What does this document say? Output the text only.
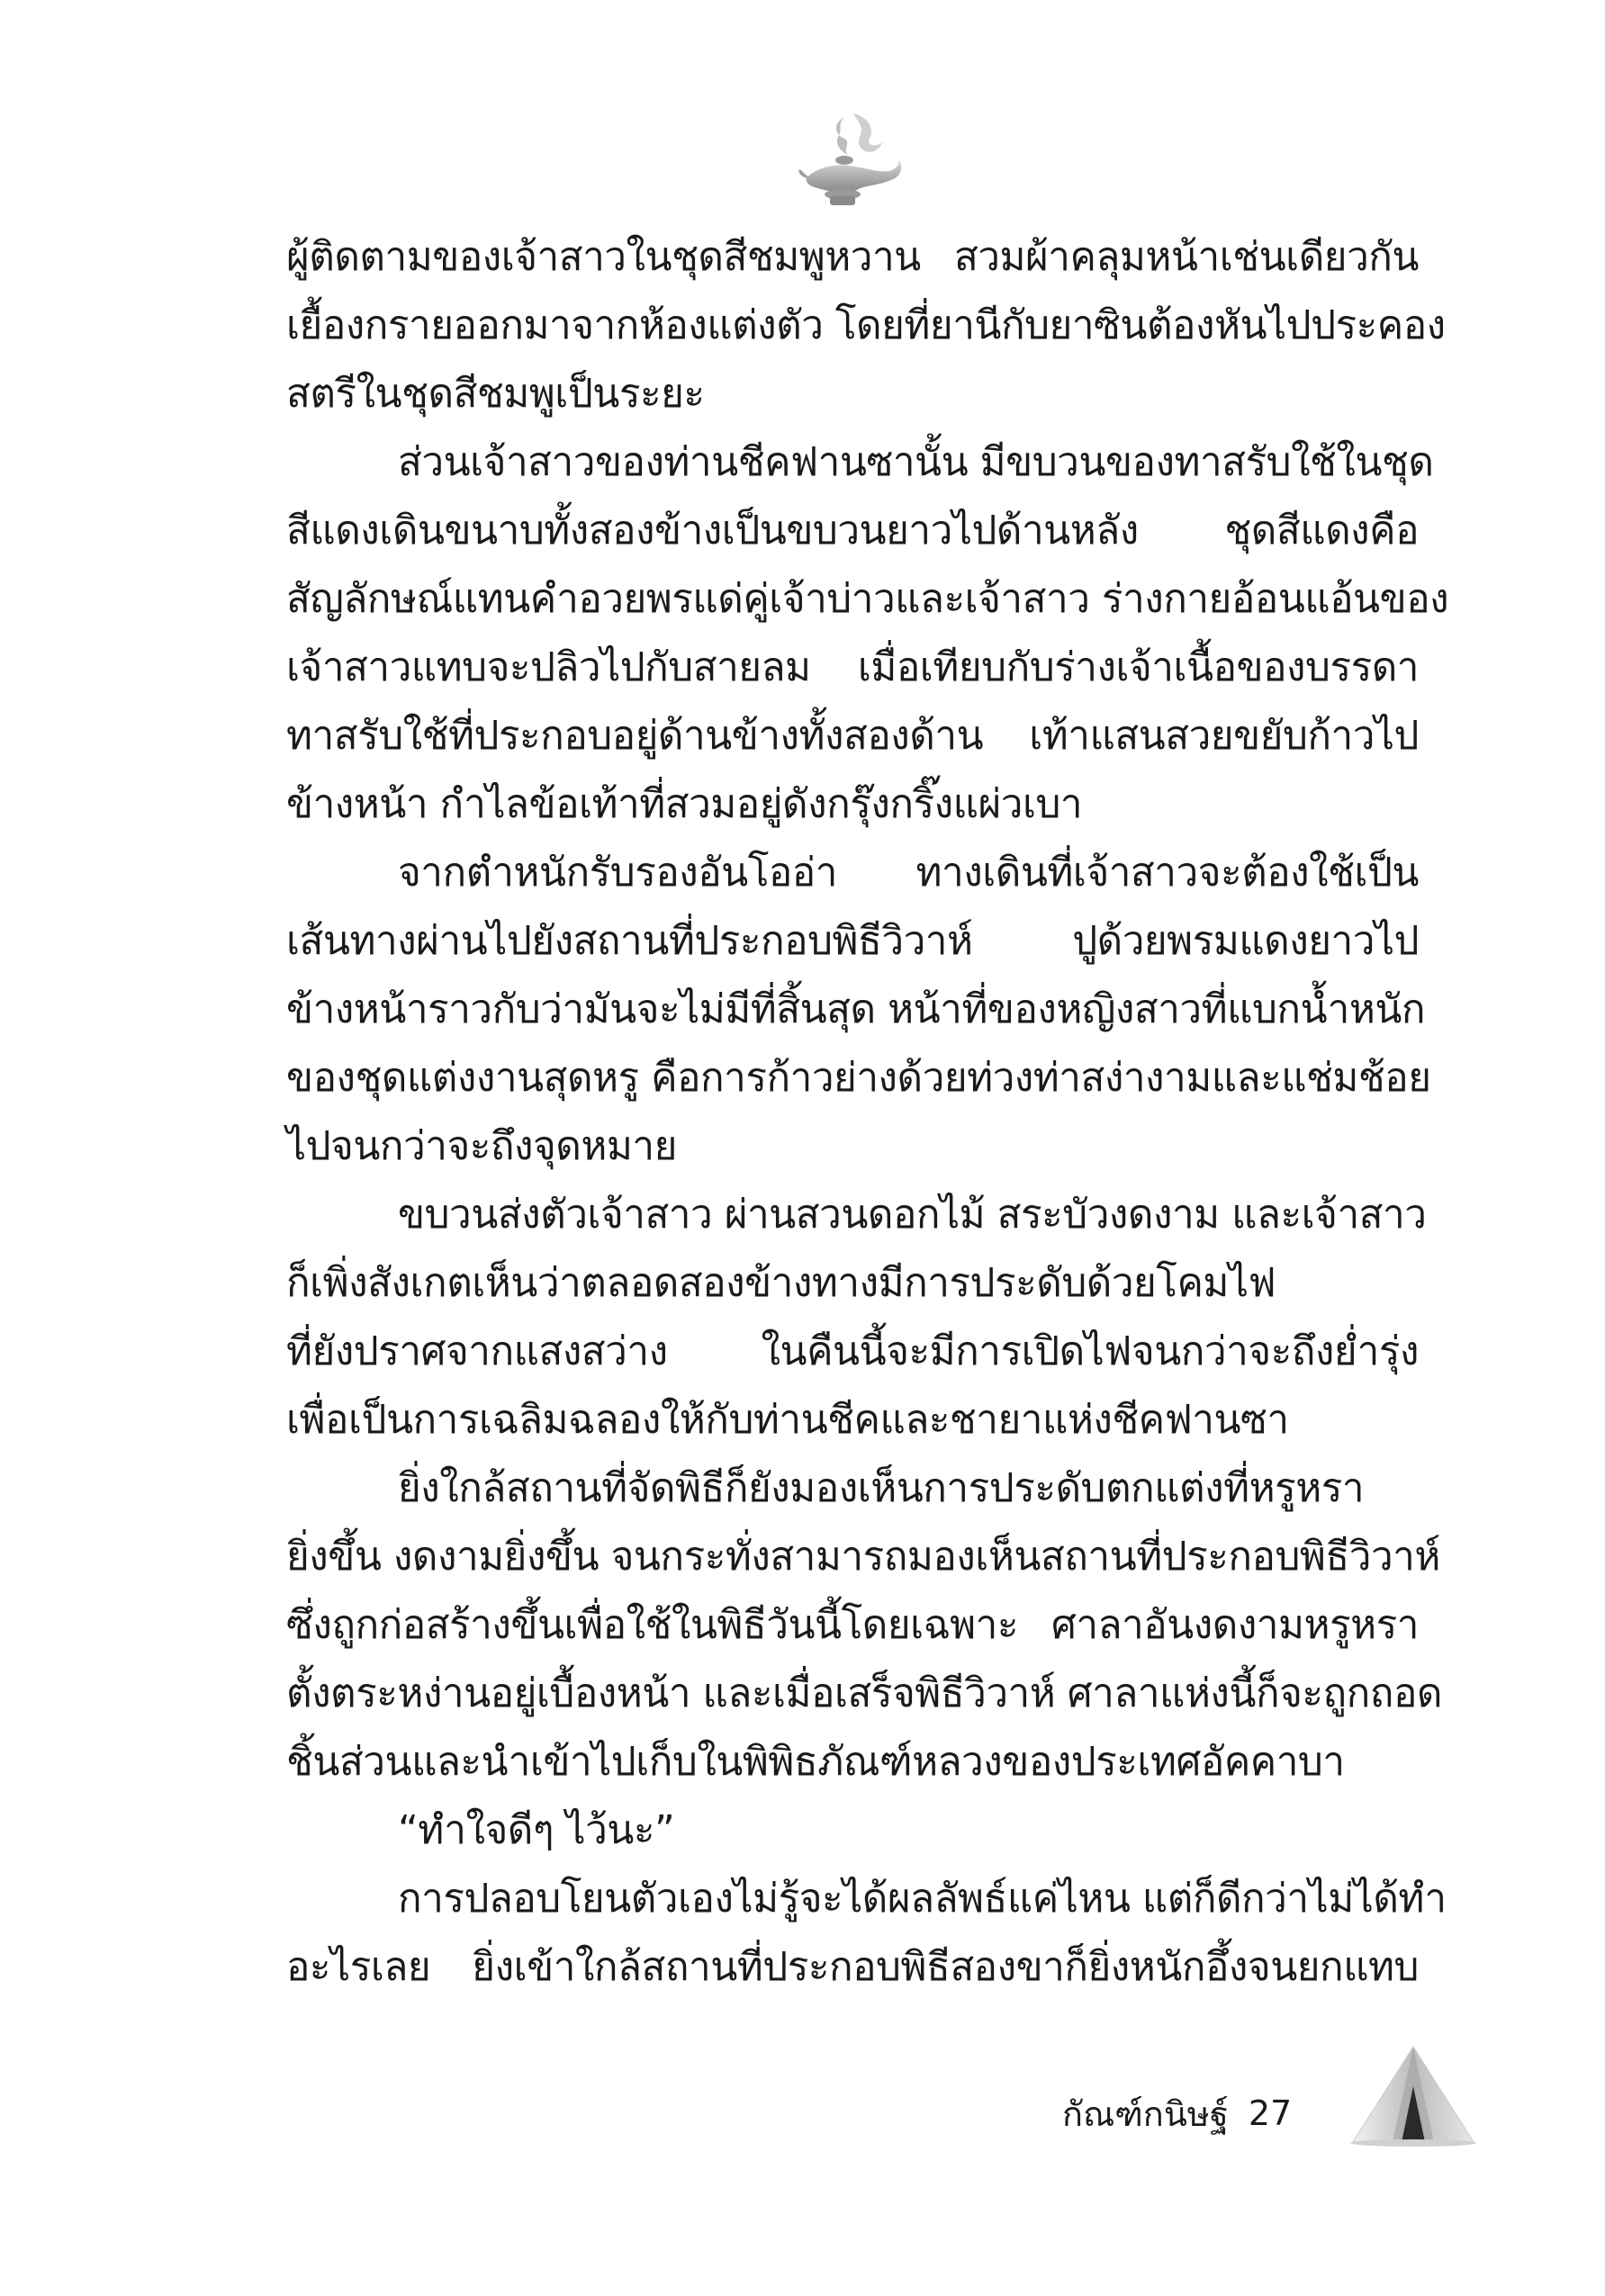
ผู้ติดตามของเจ้าสาวในชุดสีชมพูหวาน สวมผ้าคลุมหน้าเช่นเดียวกัน
เยื้องกรายออกมาจากห้องแต่งตัว โดยที่ยานีกับยาซินต้องหันไปประคอง
สตรีในชุดสีชมพูเป็นระยะ
ส่วนเจ้าสาวของท่านชีคฟานซานั้น มีขบวนของทาสรับใช้ในชุด
สีแดงเดินขนาบทั้งสองข้างเป็นขบวนยาวไปด้านหลัง ชุดสีแดงคือ
สัญลักษณ์แทนคำอวยพรแด่คู่เจ้าบ่าวและเจ้าสาว ร่างกายอ้อนแอ้นของ
เจ้าสาวแทบจะปลิวไปกับสายลม เมื่อเทียบกับร่างเจ้าเนื้อของบรรดา
ทาสรับใช้ที่ประกอบอยู่ด้านข้างทั้งสองด้าน เท้าแสนสวยขยับก้าวไป
ข้างหน้า กำไลข้อเท้าที่สวมอยู่ดังกรุ๊งกริ๊งแผ่วเบา
จากตำหนักรับรองอันโออ่า ทางเดินที่เจ้าสาวจะต้องใช้เป็น
เส้นทางผ่านไปยังสถานที่ประกอบพิธีวิวาห์ ปูด้วยพรมแดงยาวไป
ข้างหน้าราวกับว่ามันจะไม่มีที่สิ้นสุด หน้าที่ของหญิงสาวที่แบกน้ำหนัก
ของชุดแต่งงานสุดหรู คือการก้าวย่างด้วยท่วงท่าสง่างามและแช่มช้อย
ไปจนกว่าจะถึงจุดหมาย
ขบวนส่งตัวเจ้าสาว ผ่านสวนดอกไม้ สระบัวงดงาม และเจ้าสาว
ก็เพิ่งสังเกตเห็นว่าตลอดสองข้างทางมีการประดับด้วยโคมไฟ
ที่ยังปราศจากแสงสว่าง ในคืนนี้จะมีการเปิดไฟจนกว่าจะถึงย่ำรุ่ง
เพื่อเป็นการเฉลิมฉลองให้กับท่านชีคและชายาแห่งชีคฟานซา
ยิ่งใกล้สถานที่จัดพิธีก็ยังมองเห็นการประดับตกแต่งที่หรูหรา
ยิ่งขึ้น งดงามยิ่งขึ้น จนกระทั่งสามารถมองเห็นสถานที่ประกอบพิธีวิวาห์
ซึ่งถูกก่อสร้างขึ้นเพื่อใช้ในพิธีวันนี้โดยเฉพาะ ศาลาอันงดงามหรูหรา
ตั้งตระหง่านอยู่เบื้องหน้า และเมื่อเสร็จพิธีวิวาห์ ศาลาแห่งนี้ก็จะถูกถอด
ชิ้นส่วนและนำเข้าไปเก็บในพิพิธภัณฑ์หลวงของประเทศอัคคาบา
“ทำใจดีๆ ไว้นะ”
การปลอบโยนตัวเองไม่รู้จะได้ผลลัพธ์แค่ไหน แต่ก็ดีกว่าไม่ได้ทำ
อะไรเลย ยิ่งเข้าใกล้สถานที่ประกอบพิธีสองขาก็ยิ่งหนักอึ้งจนยกแทบ
กัณฑ์กนิษฐ์ 27
